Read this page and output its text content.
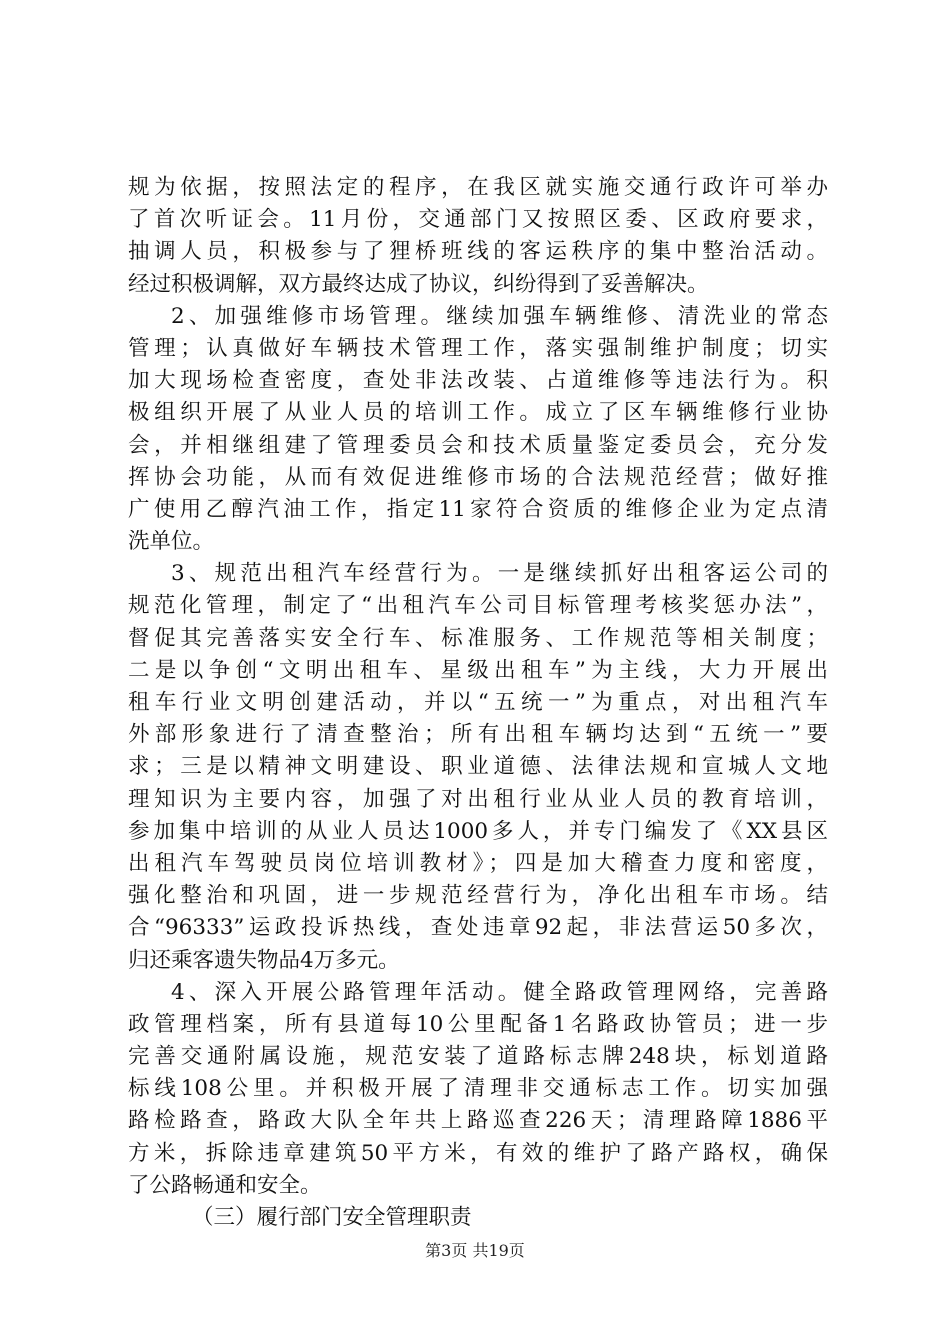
规为依据，按照法定的程序，在我区就实施交通行政许可举办
了首次听证会。11月份，交通部门又按照区委、区政府要求，
抽调人员，积极参与了狸桥班线的客运秩序的集中整治活动。
经过积极调解，双方最终达成了协议，纠纷得到了妥善解决。
2、加强维修市场管理。继续加强车辆维修、清洗业的常态
管理；认真做好车辆技术管理工作，落实强制维护制度；切实
加大现场检查密度，查处非法改装、占道维修等违法行为。积
极组织开展了从业人员的培训工作。成立了区车辆维修行业协
会，并相继组建了管理委员会和技术质量鉴定委员会，充分发
挥协会功能，从而有效促进维修市场的合法规范经营；做好推
广使用乙醇汽油工作，指定11家符合资质的维修企业为定点清
洗单位。
3、规范出租汽车经营行为。一是继续抓好出租客运公司的
规范化管理，制定了“出租汽车公司目标管理考核奖惩办法”，
督促其完善落实安全行车、标准服务、工作规范等相关制度；
二是以争创“文明出租车、星级出租车”为主线，大力开展出
租车行业文明创建活动，并以“五统一”为重点，对出租汽车
外部形象进行了清查整治；所有出租车辆均达到“五统一”要
求；三是以精神文明建设、职业道德、法律法规和宣城人文地
理知识为主要内容，加强了对出租行业从业人员的教育培训，
参加集中培训的从业人员达1000多人，并专门编发了《XX县区
出租汽车驾驶员岗位培训教材》；四是加大稽查力度和密度，
强化整治和巩固，进一步规范经营行为，净化出租车市场。结
合“96333”运政投诉热线，查处违章92起，非法营运50多次，
归还乘客遗失物品4万多元。
4、深入开展公路管理年活动。健全路政管理网络，完善路
政管理档案，所有县道每10公里配备1名路政协管员；进一步
完善交通附属设施，规范安装了道路标志牌248块，标划道路
标线108公里。并积极开展了清理非交通标志工作。切实加强
路检路查，路政大队全年共上路巡查226天；清理路障1886平
方米，拆除违章建筑50平方米，有效的维护了路产路权，确保
了公路畅通和安全。
（三）履行部门安全管理职责
第3页 共19页
